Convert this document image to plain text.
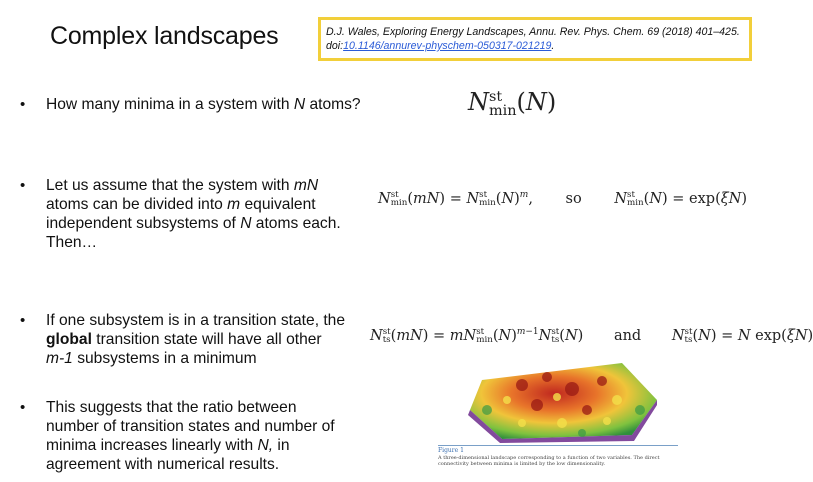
Complex landscapes	D.J. Wales, Exploring Energy Landscapes, Annu. Rev. Phys. Chem. 69 (2018) 401–425.
doi:10.1146/annurev-physchem-050317-021219.
• How many minima in a system with N atoms?
• Let us assume that the system with mN
atoms can be divided into m equivalent
independent subsystems of N atoms each.
Then…
• If one subsystem is in a transition state, the
global transition state will have all other
m-1 subsystems in a minimum
• This suggests that the ratio between
number of transition states and number of
minima increases linearly with N, in
agreement with numerical results.
N st
min (N)
N st
min (mN) = N st
$\min (N)^m$, so N st
min (N) = exp(ξN)
N st
ts (mN) = mN st
$\min (N)^{m-1}N$ st
ts (N) and N st
ts (N) = N exp(ξN)
Figure 1
A three-dimensional landscape corresponding to a function of two variables. The direct connectivity between minima is limited by the low dimensionality.
